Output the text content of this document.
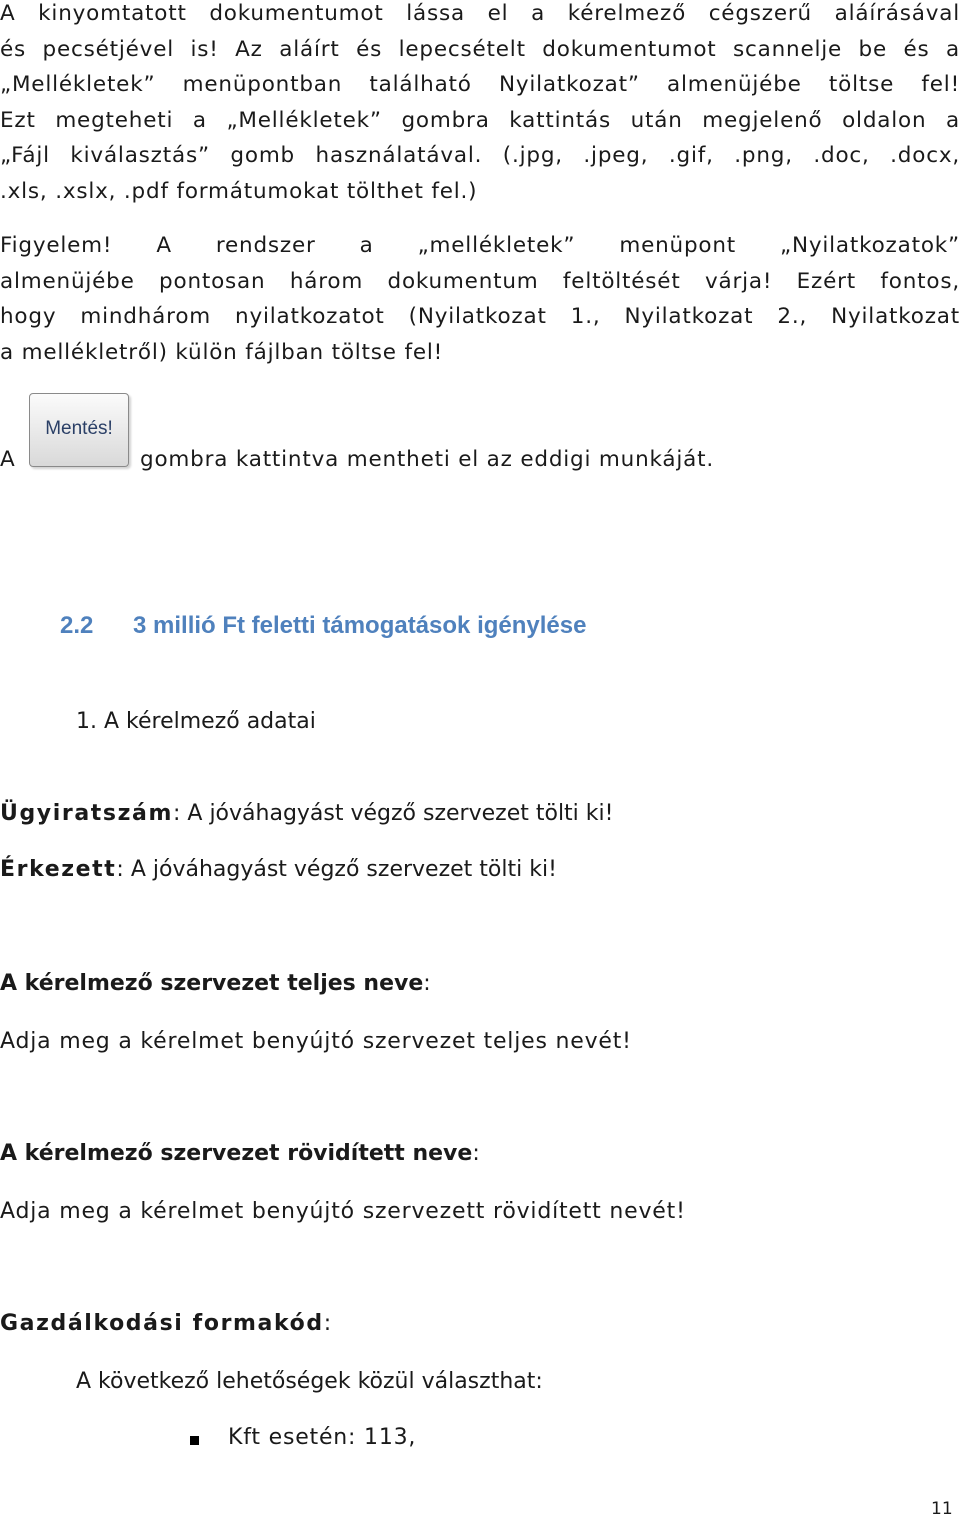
A kinyomtatott dokumentumot lássa el a kérelmező cégszerű aláírásával
és pecsétjével is! Az aláírt és lepecsételt dokumentumot scannelje be és a
„Mellékletek” menüpontban található Nyilatkozat” almenüjébe töltse fel!
Ezt megteheti a „Mellékletek” gombra kattintás után megjelenő oldalon a
„Fájl kiválasztás” gomb használatával. (.jpg, .jpeg, .gif, .png, .doc, .docx,
.xls, .xslx, .pdf formátumokat tölthet fel.)
Figyelem! A rendszer a „mellékletek” menüpont „Nyilatkozatok”
almenüjébe pontosan három dokumentum feltöltését várja! Ezért fontos,
hogy mindhárom nyilatkozatot (Nyilatkozat 1., Nyilatkozat 2., Nyilatkozat
a mellékletről) külön fájlban töltse fel!
A
Mentés!
gombra kattintva mentheti el az eddigi munkáját.
2.2 3 millió Ft feletti támogatások igénylése
1. A kérelmező adatai
Ügyiratszám: A jóváhagyást végző szervezet tölti ki!
Érkezett: A jóváhagyást végző szervezet tölti ki!
A kérelmező szervezet teljes neve:
Adja meg a kérelmet benyújtó szervezet teljes nevét!
A kérelmező szervezet rövidített neve:
Adja meg a kérelmet benyújtó szervezett rövidített nevét!
Gazdálkodási formakód:
A következő lehetőségek közül választhat:
Kft esetén: 113,
11
